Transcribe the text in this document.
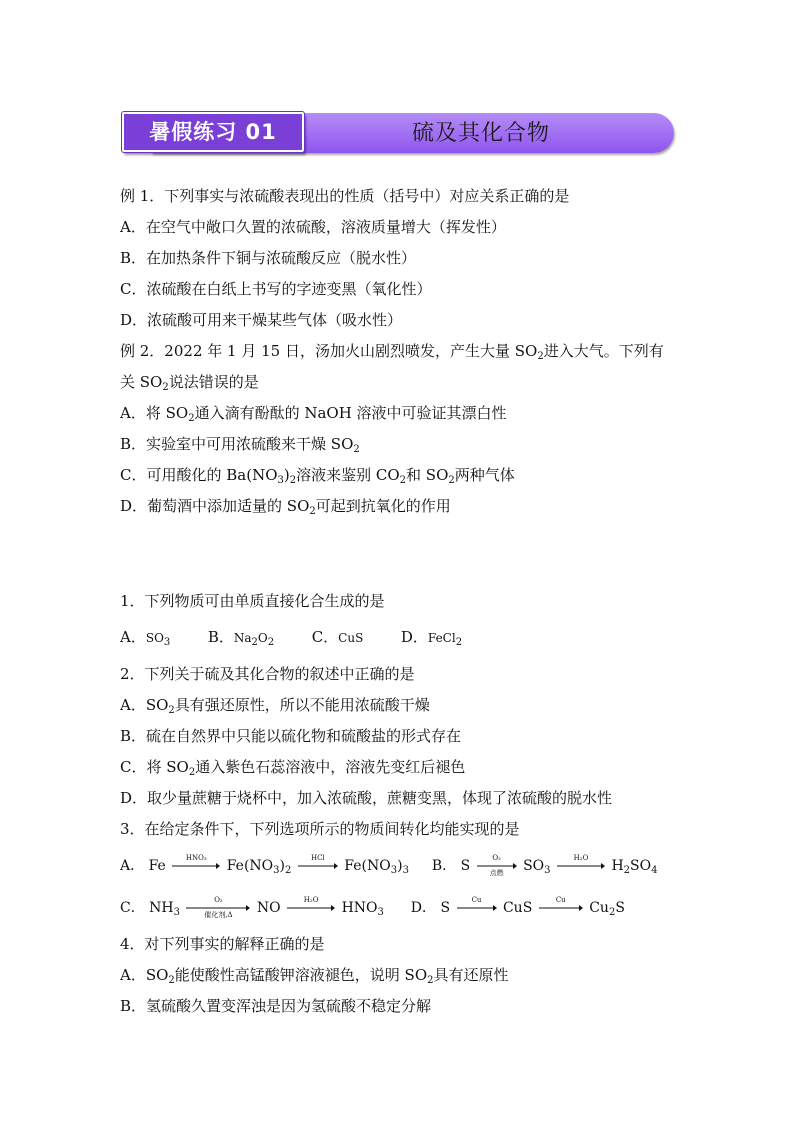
暑假练习 01	硫及其化合物
例 1．下列事实与浓硫酸表现出的性质（括号中）对应关系正确的是
A．在空气中敞口久置的浓硫酸，溶液质量增大（挥发性）
B．在加热条件下铜与浓硫酸反应（脱水性）
C．浓硫酸在白纸上书写的字迹变黑（氧化性）
D．浓硫酸可用来干燥某些气体（吸水性）
例 2．2022 年 1 月 15 日，汤加火山剧烈喷发，产生大量 $SO_2$进入大气。下列有
关 $SO_2$说法错误的是
A．将 $SO_2$通入滴有酚酞的 NaOH 溶液中可验证其漂白性
B．实验室中可用浓硫酸来干燥 $SO_2$
C．可用酸化的 $Ba(NO_3)_2$溶液来鉴别 $CO_2$和 $SO_2$两种气体
D．葡萄酒中添加适量的 $SO_2$可起到抗氧化的作用
1．下列物质可由单质直接化合生成的是
A．$SO_3$	B．$Na_2O_2$	C．CuS	D．FeCl$_2$
2．下列关于硫及其化合物的叙述中正确的是
A．$SO_2$具有强还原性，所以不能用浓硫酸干燥
B．硫在自然界中只能以硫化物和硫酸盐的形式存在
C．将 $SO_2$通入紫色石蕊溶液中，溶液先变红后褪色
D．取少量蔗糖于烧杯中，加入浓硫酸，蔗糖变黑，体现了浓硫酸的脱水性
3．在给定条件下，下列选项所示的物质间转化均能实现的是
A． Fe	HNO₃	$Fe(NO_3)_2$
HCl	$Fe(NO_3)_3$ B． S	O₂
点燃	$SO_3$
H₂O	$H_2SO_4$
C． $NH_3$
O₂
催化剂,Δ	NO	H₂O	$HNO_3$ D． S	Cu	CuS	Cu	$Cu_2S$
4．对下列事实的解释正确的是
A．$SO_2$能使酸性高锰酸钾溶液褪色，说明 $SO_2$具有还原性
B．氢硫酸久置变浑浊是因为氢硫酸不稳定分解
